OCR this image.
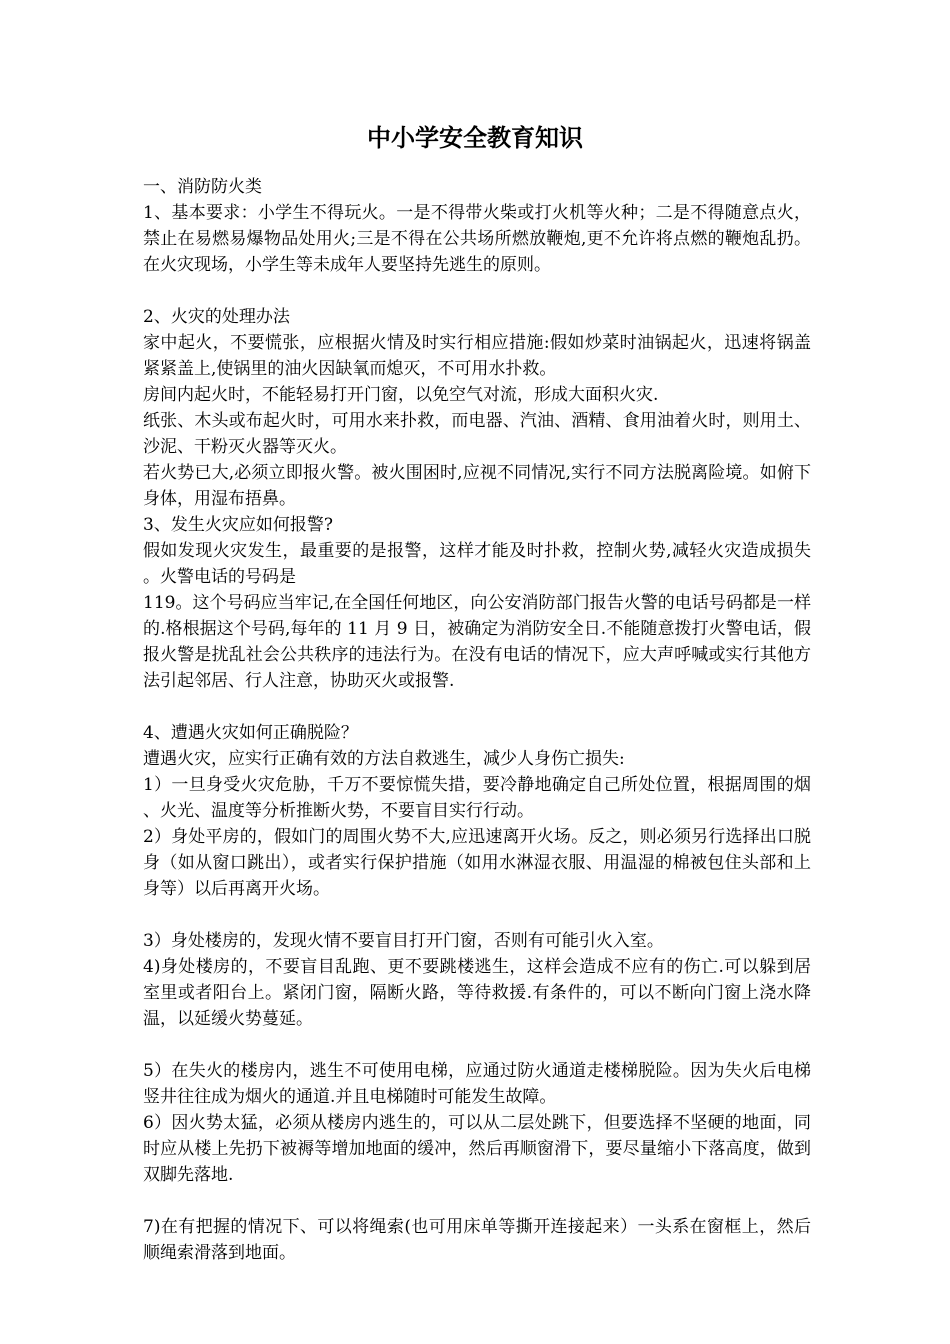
中小学安全教育知识

一、消防防火类

1、基本要求：小学生不得玩火。一是不得带火柴或打火机等火种；二是不得随意点火，禁止在易燃易爆物品处用火;三是不得在公共场所燃放鞭炮,更不允许将点燃的鞭炮乱扔。在火灾现场，小学生等未成年人要坚持先逃生的原则。

2、火灾的处理办法

家中起火，不要慌张，应根据火情及时实行相应措施:假如炒菜时油锅起火，迅速将锅盖紧紧盖上,使锅里的油火因缺氧而熄灭，不可用水扑救。

房间内起火时，不能轻易打开门窗，以免空气对流，形成大面积火灾.

纸张、木头或布起火时，可用水来扑救，而电器、汽油、酒精、食用油着火时，则用土、沙泥、干粉灭火器等灭火。

若火势已大,必须立即报火警。被火围困时,应视不同情况,实行不同方法脱离险境。如俯下身体，用湿布捂鼻。

3、发生火灾应如何报警?

假如发现火灾发生，最重要的是报警，这样才能及时扑救，控制火势,减轻火灾造成损失。火警电话的号码是

119。这个号码应当牢记,在全国任何地区，向公安消防部门报告火警的电话号码都是一样的.格根据这个号码,每年的 11 月 9 日，被确定为消防安全日.不能随意拨打火警电话，假报火警是扰乱社会公共秩序的违法行为。在没有电话的情况下，应大声呼喊或实行其他方法引起邻居、行人注意，协助灭火或报警.

4、遭遇火灾如何正确脱险？

遭遇火灾，应实行正确有效的方法自救逃生，减少人身伤亡损失:

1）一旦身受火灾危胁，千万不要惊慌失措，要冷静地确定自己所处位置，根据周围的烟、火光、温度等分析推断火势，不要盲目实行行动。

2）身处平房的，假如门的周围火势不大,应迅速离开火场。反之，则必须另行选择出口脱身（如从窗口跳出），或者实行保护措施（如用水淋湿衣服、用温湿的棉被包住头部和上身等）以后再离开火场。

3）身处楼房的，发现火情不要盲目打开门窗，否则有可能引火入室。

4)身处楼房的，不要盲目乱跑、更不要跳楼逃生，这样会造成不应有的伤亡.可以躲到居室里或者阳台上。紧闭门窗，隔断火路，等待救援.有条件的，可以不断向门窗上浇水降温，以延缓火势蔓延。

5）在失火的楼房内，逃生不可使用电梯，应通过防火通道走楼梯脱险。因为失火后电梯竖井往往成为烟火的通道.并且电梯随时可能发生故障。

6）因火势太猛，必须从楼房内逃生的，可以从二层处跳下，但要选择不坚硬的地面，同时应从楼上先扔下被褥等增加地面的缓冲，然后再顺窗滑下，要尽量缩小下落高度，做到双脚先落地.

7)在有把握的情况下、可以将绳索(也可用床单等撕开连接起来）一头系在窗框上，然后顺绳索滑落到地面。
